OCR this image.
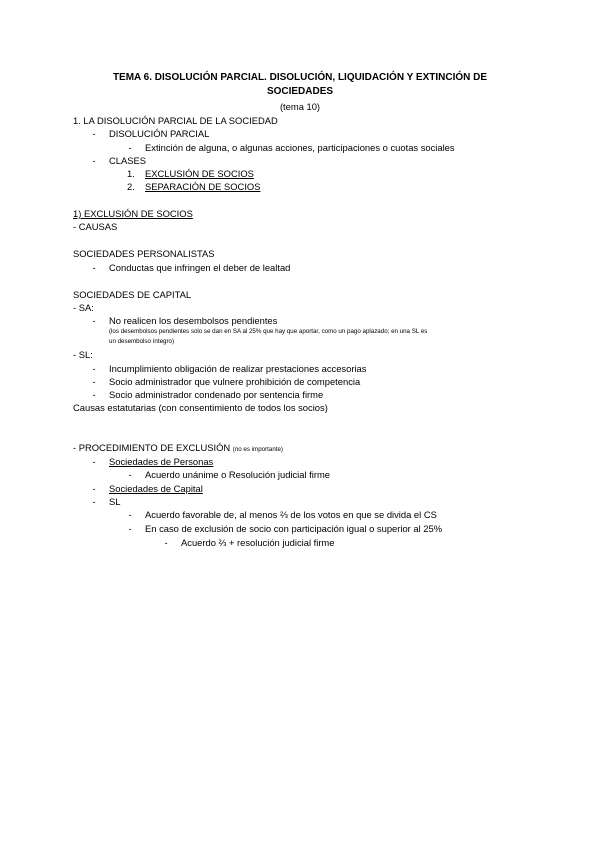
TEMA 6. DISOLUCIÓN PARCIAL. DISOLUCIÓN, LIQUIDACIÓN Y EXTINCIÓN DE
SOCIEDADES
(tema 10)
1. LA DISOLUCIÓN PARCIAL DE LA SOCIEDAD
- DISOLUCIÓN PARCIAL
- Extinción de alguna, o algunas acciones, participaciones o cuotas sociales
- CLASES
1. EXCLUSIÓN DE SOCIOS
2. SEPARACIÓN DE SOCIOS
1) EXCLUSIÓN DE SOCIOS
- CAUSAS
SOCIEDADES PERSONALISTAS
- Conductas que infringen el deber de lealtad
SOCIEDADES DE CAPITAL
- SA:
- No realicen los desembolsos pendientes
(los desembolsos pendientes solo se dan en SA al 25% que hay que aportar, como un pago aplazado; en una SL es
un desembolso íntegro)
- SL:
- Incumplimiento obligación de realizar prestaciones accesorias
- Socio administrador que vulnere prohibición de competencia
- Socio administrador condenado por sentencia firme
Causas estatutarias (con consentimiento de todos los socios)
- PROCEDIMIENTO DE EXCLUSIÓN (no es importante)
- Sociedades de Personas
- Acuerdo unánime o Resolución judicial firme
- Sociedades de Capital
- SL
- Acuerdo favorable de, al menos ⅔ de los votos en que se divida el CS
- En caso de exclusión de socio con participación igual o superior al 25%
- Acuerdo ⅔ + resolución judicial firme
